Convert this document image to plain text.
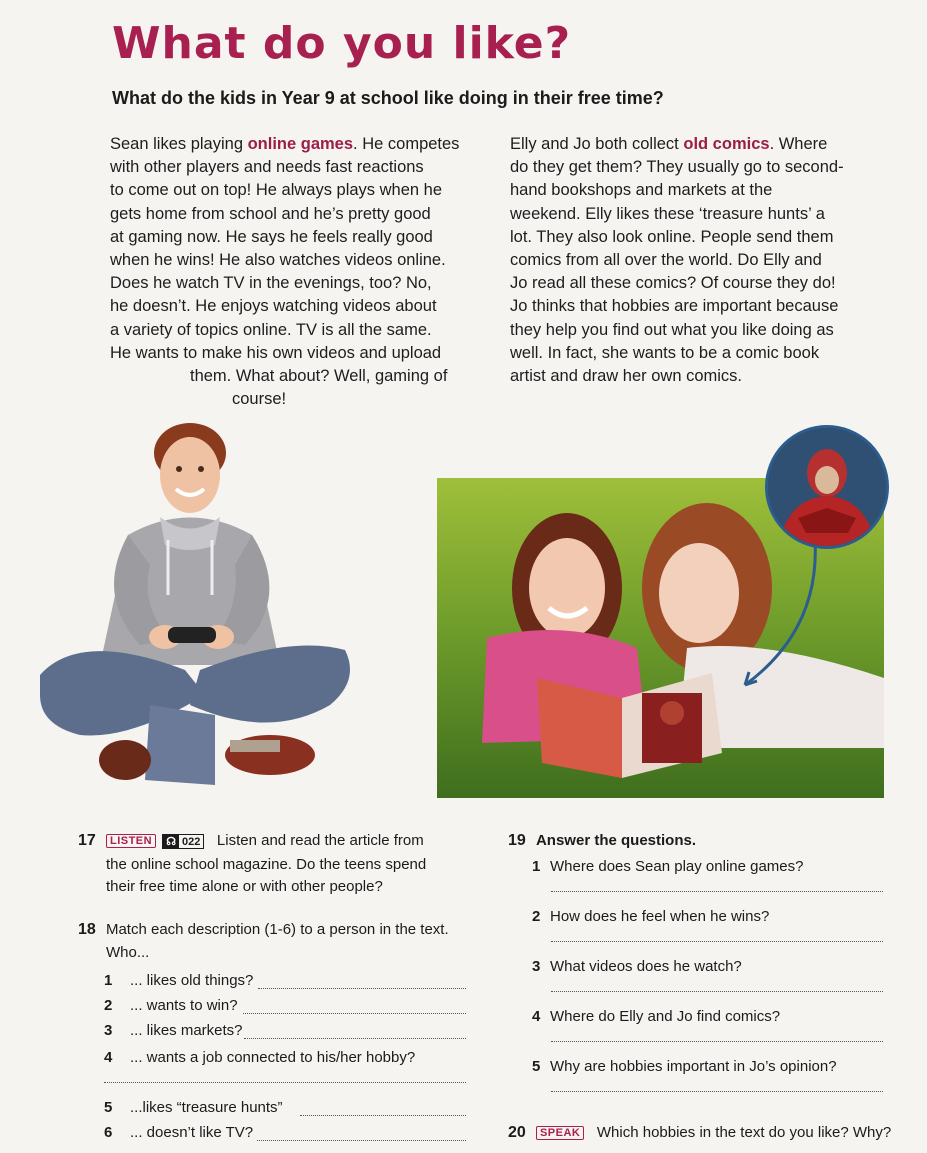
What do you like?
What do the kids in Year 9 at school like doing in their free time?
Sean likes playing online games. He competes
with other players and needs fast reactions
to come out on top! He always plays when he
gets home from school and he’s pretty good
at gaming now. He says he feels really good
when he wins! He also watches videos online.
Does he watch TV in the evenings, too? No,
he doesn’t. He enjoys watching videos about
a variety of topics online. TV is all the same.
He wants to make his own videos and upload
them. What about? Well, gaming of
course!
Elly and Jo both collect old comics. Where
do they get them? They usually go to second-
hand bookshops and markets at the
weekend. Elly likes these ‘treasure hunts’ a
lot. They also look online. People send them
comics from all over the world. Do Elly and
Jo read all these comics? Of course they do!
Jo thinks that hobbies are important because
they help you find out what you like doing as
well. In fact, she wants to be a comic book
artist and draw her own comics.
17 LISTEN ☊ 022 Listen and read the article from
the online school magazine. Do the teens spend
their free time alone or with other people?
18 Match each description (1-6) to a person in the text.
Who...
1 ... likes old things?
2 ... wants to win?
3 ... likes markets?
4 ... wants a job connected to his/her hobby?
5 ...likes “treasure hunts”
6 ... doesn’t like TV?
19 Answer the questions.
1 Where does Sean play online games?
2 How does he feel when he wins?
3 What videos does he watch?
4 Where do Elly and Jo find comics?
5 Why are hobbies important in Jo’s opinion?
20 SPEAK Which hobbies in the text do you like? Why?
